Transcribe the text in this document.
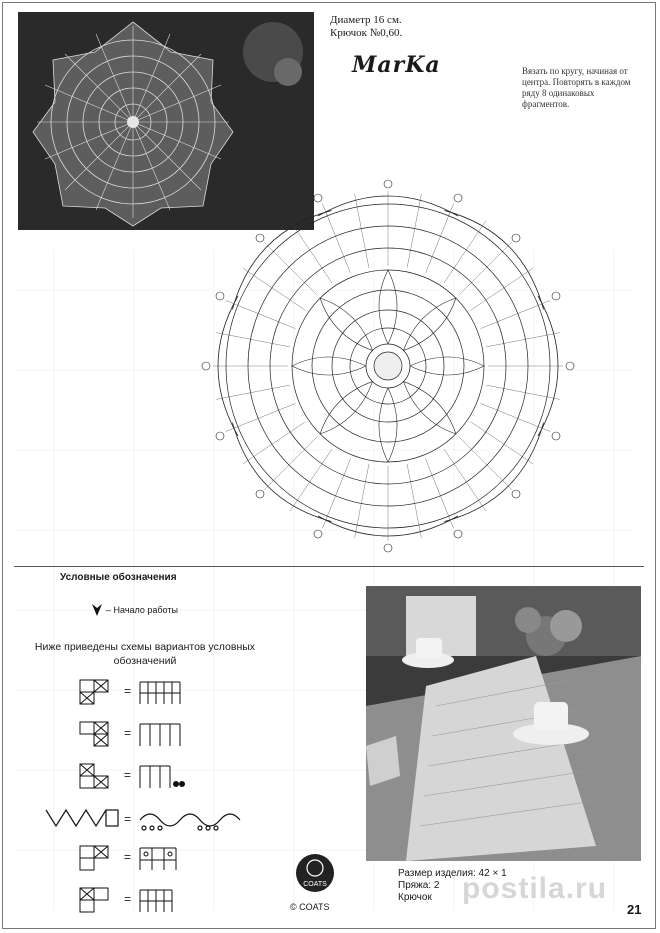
Диаметр 16 см.
Крючок №0,60.
MarKa	Вязать по кругу, начиная от центра. Повторять в каждом ряду 8 одинаковых фрагментов.
Условные обозначения
– Начало работы
Ниже приведены схемы вариантов условных обозначений
=
=
=
=
=
=
COATS
© COATS
Размер изделия: 42 × 1
Пряжа: 2
Крючок	postila.ru
21
